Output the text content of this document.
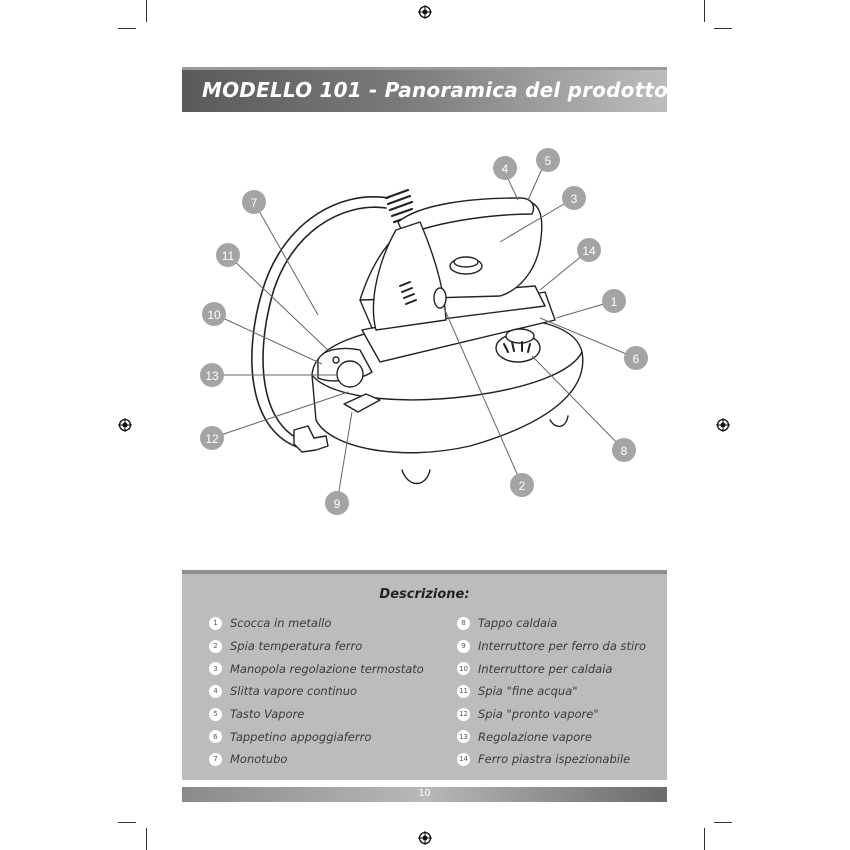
MODELLO 101 - Panoramica del prodotto
7
4
5
3
11	14
1
10
6
13
12
8
2
9
Descrizione:
1	Scocca in metallo
2	Spia temperatura ferro
3	Manopola regolazione termostato
4	Slitta vapore continuo
5	Tasto Vapore
6	Tappetino appoggiaferro
7	Monotubo
8	Tappo caldaia
9	Interruttore per ferro da stiro
10 Interruttore per caldaia
11 Spia "fine acqua"
12 Spia "pronto vapore"
13 Regolazione vapore
14 Ferro piastra ispezionabile
10
